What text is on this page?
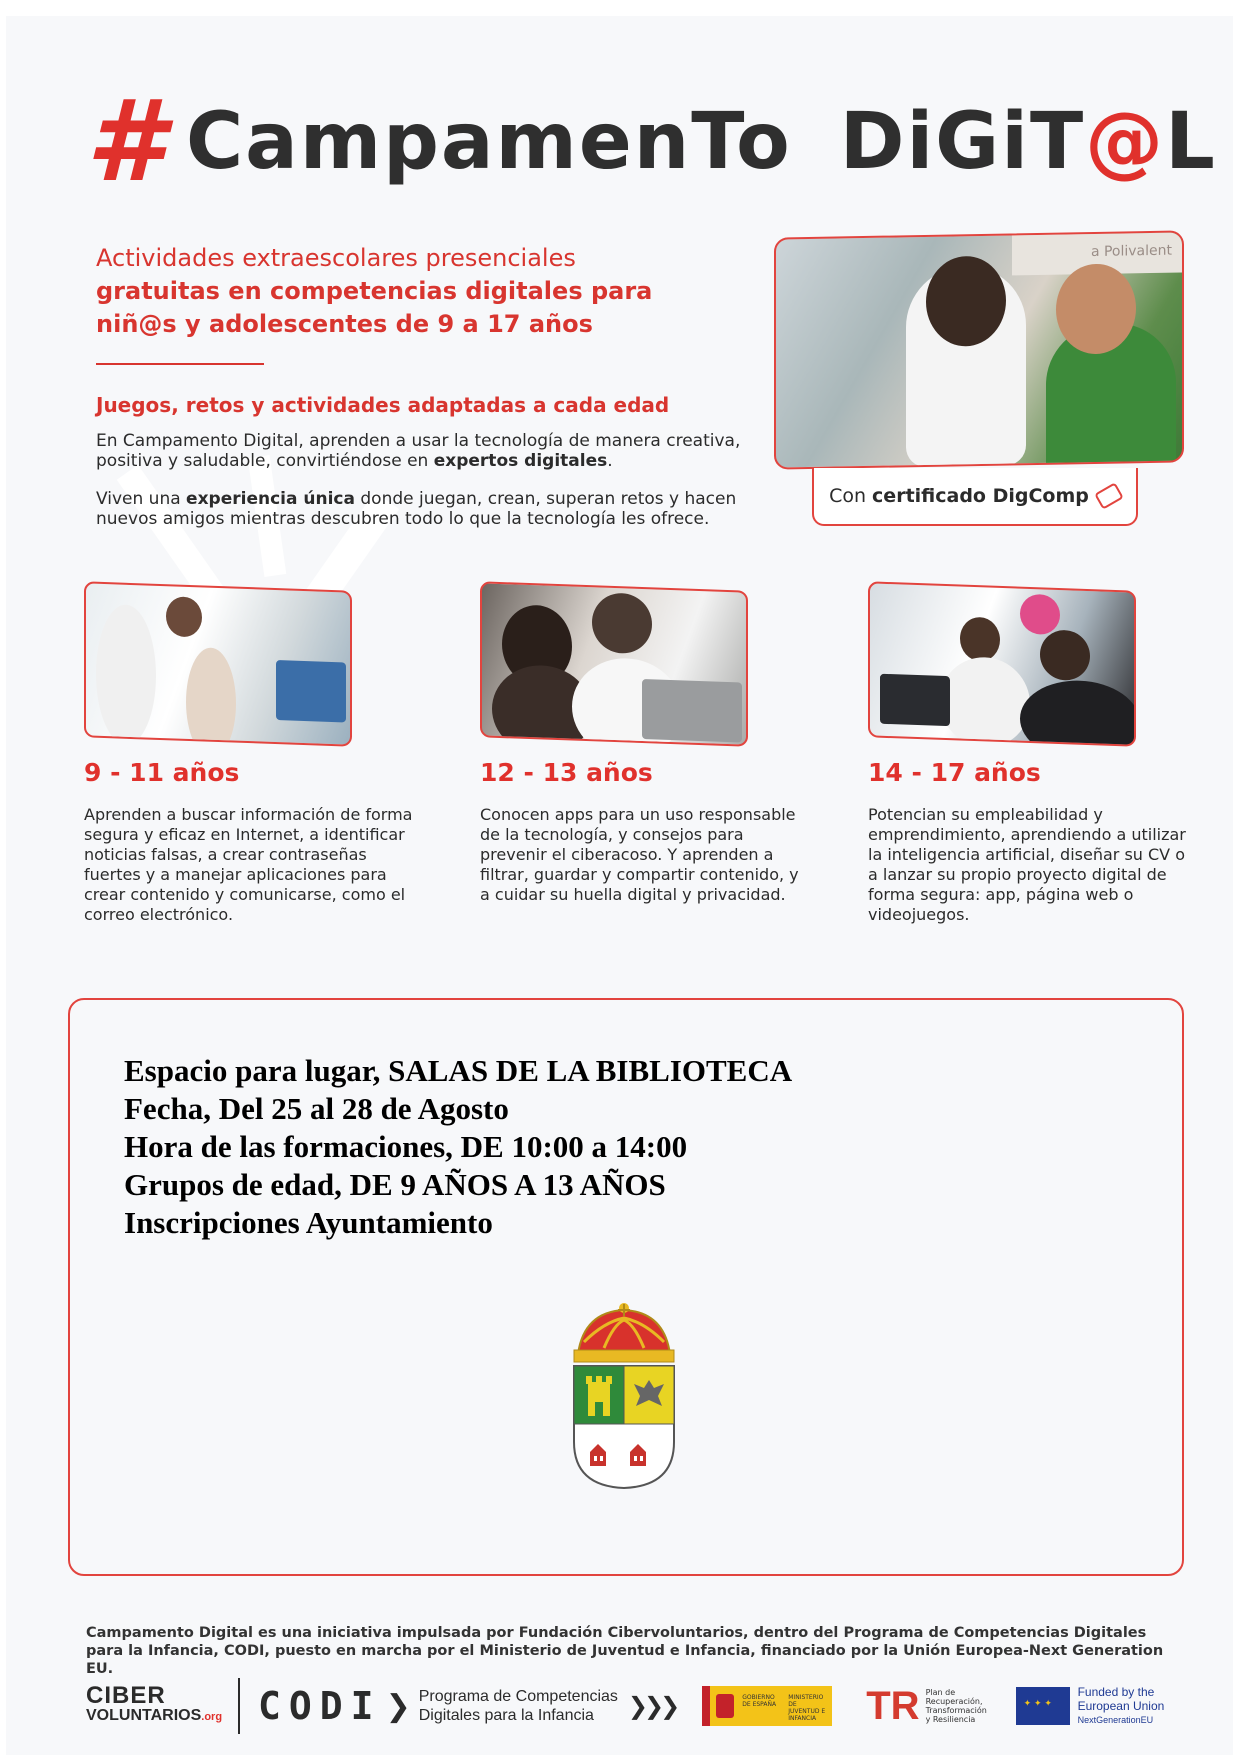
# CampamenTo DiGiT@L
Actividades extraescolares presenciales
gratuitas en competencias digitales para
niñ@s y adolescentes de 9 a 17 años
Juegos, retos y actividades adaptadas a cada edad
En Campamento Digital, aprenden a usar la tecnología de manera creativa, positiva y saludable, convirtiéndose en expertos digitales.
Viven una experiencia única donde juegan, crean, superan retos y hacen nuevos amigos mientras descubren todo lo que la tecnología les ofrece.
a Polivalent
Con certificado DigComp
9 - 11 años
Aprenden a buscar información de forma segura y eficaz en Internet, a identificar noticias falsas, a crear contraseñas fuertes y a manejar aplicaciones para crear contenido y comunicarse, como el correo electrónico.
12 - 13 años
Conocen apps para un uso responsable de la tecnología, y consejos para prevenir el ciberacoso. Y aprenden a filtrar, guardar y compartir contenido, y a cuidar su huella digital y privacidad.
14 - 17 años
Potencian su empleabilidad y emprendimiento, aprendiendo a utilizar la inteligencia artificial, diseñar su CV o a lanzar su propio proyecto digital de forma segura: app, página web o videojuegos.
Espacio para lugar, SALAS DE LA BIBLIOTECA
Fecha, Del 25 al 28 de Agosto
Hora de las formaciones, DE 10:00 a 14:00
Grupos de edad, DE 9 AÑOS A 13 AÑOS
Inscripciones Ayuntamiento
Campamento Digital es una iniciativa impulsada por Fundación Cibervoluntarios, dentro del Programa de Competencias Digitales para la Infancia, CODI, puesto en marcha por el Ministerio de Juventud e Infancia, financiado por la Unión Europea-Next Generation EU.
CIBER
VOLUNTARIOS.org CODI ❯ Programa de Competencias
Digitales para la Infancia	❯❯❯	GOBIERNO DE ESPAÑA
MINISTERIO DE JUVENTUD E INFANCIA	TR Plan de Recuperación, Transformación y Resiliencia
✦ ✦ ✦
Funded by the
European Union
NextGenerationEU
